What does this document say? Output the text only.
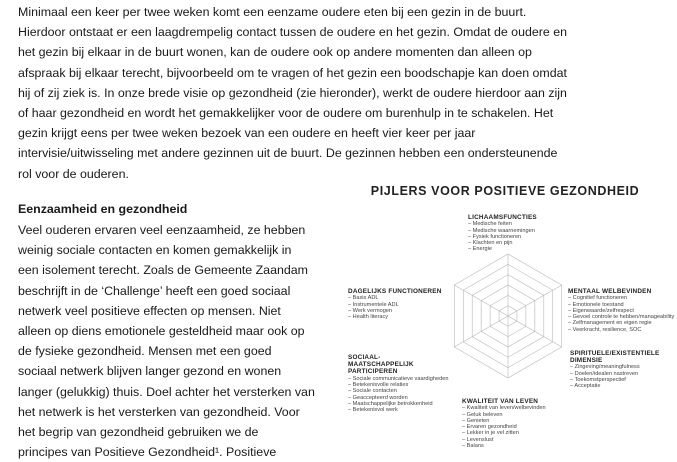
Minimaal een keer per twee weken komt een eenzame oudere eten bij een gezin in de buurt.
Hierdoor ontstaat er een laagdrempelig contact tussen de oudere en het gezin. Omdat de oudere en
het gezin bij elkaar in de buurt wonen, kan de oudere ook op andere momenten dan alleen op
afspraak bij elkaar terecht, bijvoorbeeld om te vragen of het gezin een boodschapje kan doen omdat
hij of zij ziek is. In onze brede visie op gezondheid (zie hieronder), werkt de oudere hierdoor aan zijn
of haar gezondheid en wordt het gemakkelijker voor de oudere om burenhulp in te schakelen. Het
gezin krijgt eens per twee weken bezoek van een oudere en heeft vier keer per jaar
intervisie/uitwisseling met andere gezinnen uit de buurt. De gezinnen hebben een ondersteunende
rol voor de ouderen.
Eenzaamheid en gezondheid
Veel ouderen ervaren veel eenzaamheid, ze hebben
weinig sociale contacten en komen gemakkelijk in
een isolement terecht. Zoals de Gemeente Zaandam
beschrijft in de ‘Challenge’ heeft een goed sociaal
netwerk veel positieve effecten op mensen. Niet
alleen op diens emotionele gesteldheid maar ook op
de fysieke gezondheid. Mensen met een goed
sociaal netwerk blijven langer gezond en wonen
langer (gelukkig) thuis. Doel achter het versterken van
het netwerk is het versterken van gezondheid. Voor
het begrip van gezondheid gebruiken we de
principes van Positieve Gezondheid¹. Positieve
PIJLERS VOOR POSITIEVE GEZONDHEID
LICHAAMSFUNCTIES
– Medische feiten
– Medische waarnemingen
– Fysiek functioneren
– Klachten en pijn
– Energie
DAGELIJKS FUNCTIONEREN
– Basis ADL
– Instrumentele ADL
– Werk vermogen
– Health literacy
MENTAAL WELBEVINDEN
– Cognitief functioneren
– Emotionele toestand
– Eigenwaarde/zelfrespect
– Gevoel controle te hebben/manageability
– Zelfmanagement en eigen regie
– Veerkracht, resilience, SOC
SOCIAAL- MAATSCHAPPELIJK PARTICIPEREN
– Sociale communicatieve vaardigheden
– Betekenisvolle relaties
– Sociale contacten
– Geaccepteerd worden
– Maatschappelijke betrokkenheid
– Betekenisvol werk
SPIRITUELE/EXISTENTIELE DIMENSIE
– Zingeving/meaningfulness
– Doelen/idealen nastreven
– Toekomstperspectief
– Acceptatie
KWALITEIT VAN LEVEN
– Kwaliteit van leven/welbevinden
– Geluk beleven
– Genieten
– Ervaren gezondheid
– Lekker in je vel zitten
– Levenslust
– Balans
